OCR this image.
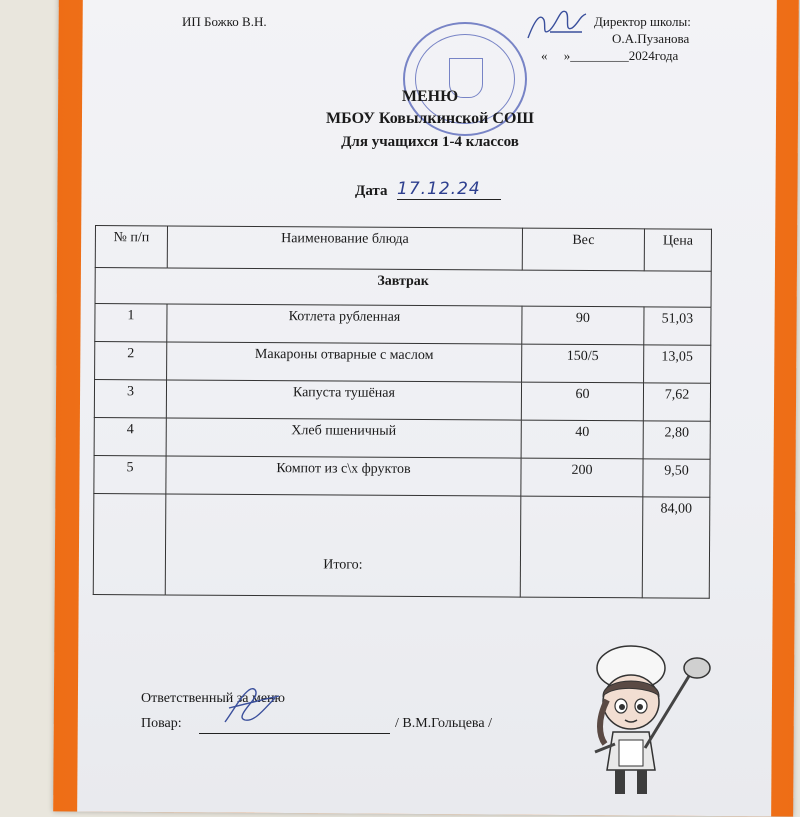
ИП Божко В.Н.	Директор школы:
О.А.Пузанова
«     »_________2024года
МЕНЮ
МБОУ Ковылкинской СОШ
Для учащихся 1-4 классов
Дата 17.12.24
№ п/п	Наименование блюда	Вес	Цена
Завтрак			
1	Котлета рубленная	90	51,03
2	Макароны отварные с маслом	150/5	13,05
3	Капуста тушёная	60	7,62
4	Хлеб пшеничный	40	2,80
5	Компот из с\х фруктов	200	9,50
	Итого:		84,00
Ответственный за меню
Повар:	/ В.М.Гольцева /
